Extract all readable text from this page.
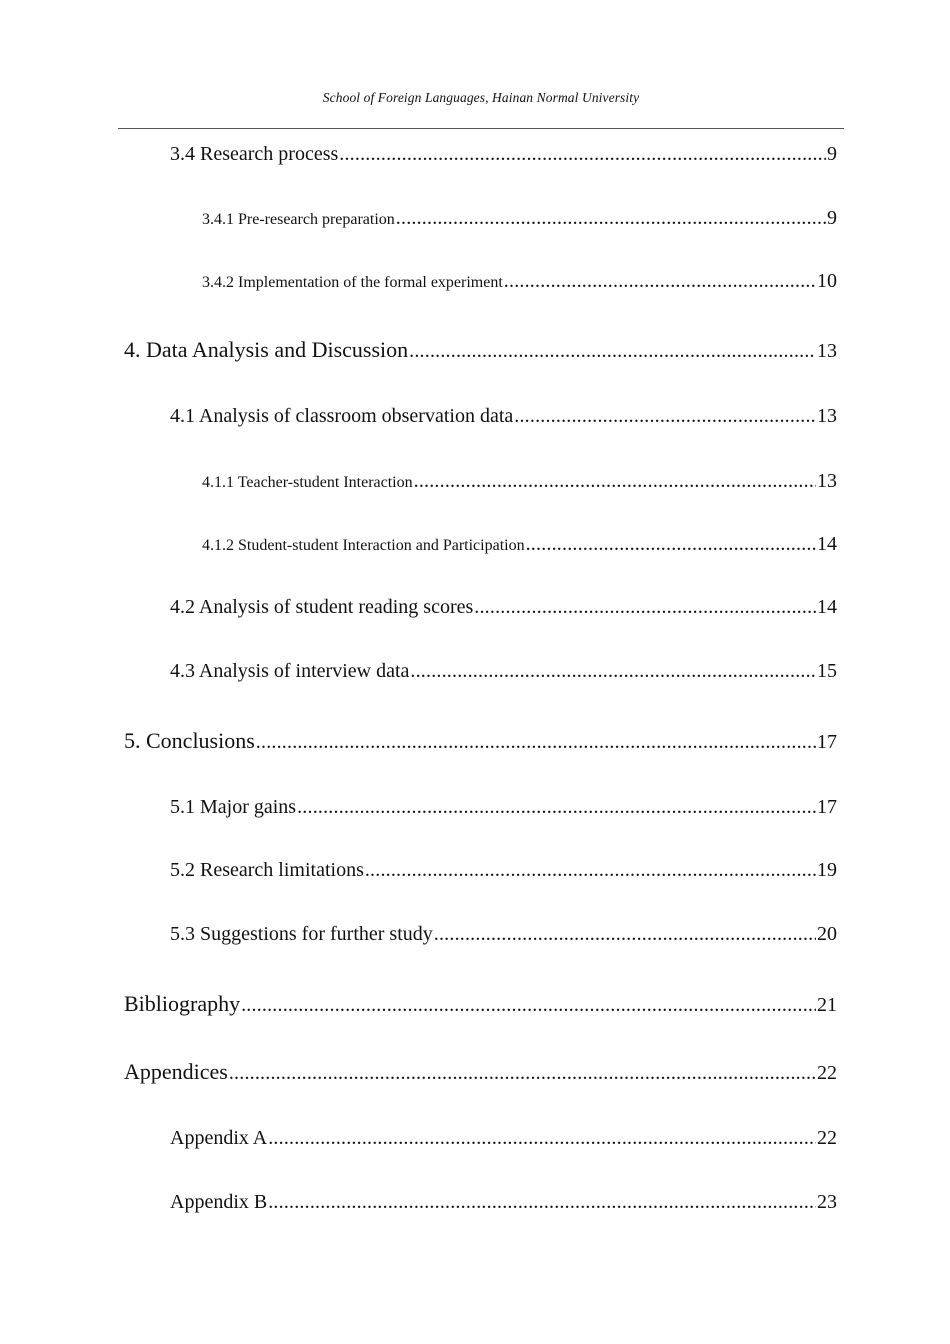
School of Foreign Languages, Hainan Normal University
3.4 Research process .....	9
3.4.1 Pre-research preparation .....	9
3.4.2 Implementation of the formal experiment .....	10
4. Data Analysis and Discussion .....	13
4.1 Analysis of classroom observation data .....	13
4.1.1 Teacher-student Interaction .....	13
4.1.2 Student-student Interaction and Participation .....	14
4.2 Analysis of student reading scores .....	14
4.3 Analysis of interview data .....	15
5. Conclusions .....	17
5.1 Major gains .....	17
5.2 Research limitations .....	19
5.3 Suggestions for further study .....	20
Bibliography .....	21
Appendices .....	22
Appendix A .....	22
Appendix B .....	23
